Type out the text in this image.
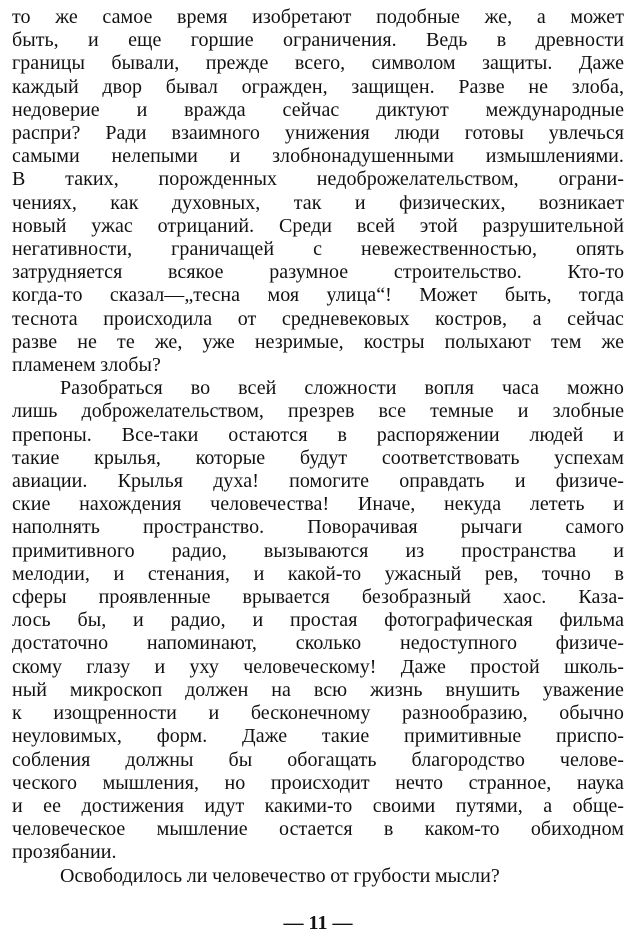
то же самое время изобретают подобные же, а может
быть, и еще горшие ограничения. Ведь в древности
границы бывали, прежде всего, символом защиты. Даже
каждый двор бывал огражден, защищен. Разве не злоба,
недоверие и вражда сейчас диктуют международные
распри? Ради взаимного унижения люди готовы увлечься
самыми нелепыми и злобнонадушенными измышлениями.
В таких, порожденных недоброжелательством, ограни-
чениях, как духовных, так и физических, возникает
новый ужас отрицаний. Среди всей этой разрушительной
негативности, граничащей с невежественностью, опять
затрудняется всякое разумное строительство. Кто-то
когда-то сказал—„тесна моя улица“! Может быть, тогда
теснота происходила от средневековых костров, а сейчас
разве не те же, уже незримые, костры полыхают тем же
пламенем злобы?
Разобраться во всей сложности вопля часа можно
лишь доброжелательством, презрев все темные и злобные
препоны. Все-таки остаются в распоряжении людей и
такие крылья, которые будут соответствовать успехам
авиации. Крылья духа! помогите оправдать и физиче-
ские нахождения человечества! Иначе, некуда лететь и
наполнять пространство. Поворачивая рычаги самого
примитивного радио, вызываются из пространства и
мелодии, и стенания, и какой-то ужасный рев, точно в
сферы проявленные врывается безобразный хаос. Каза-
лось бы, и радио, и простая фотографическая фильма
достаточно напоминают, сколько недоступного физиче-
скому глазу и уху человеческому! Даже простой школь-
ный микроскоп должен на всю жизнь внушить уважение
к изощренности и бесконечному разнообразию, обычно
неуловимых, форм. Даже такие примитивные приспо-
собления должны бы обогащать благородство челове-
ческого мышления, но происходит нечто странное, наука
и ее достижения идут какими-то своими путями, а обще-
человеческое мышление остается в каком-то обиходном
прозябании.
Освободилось ли человечество от грубости мысли?
— 11 —
